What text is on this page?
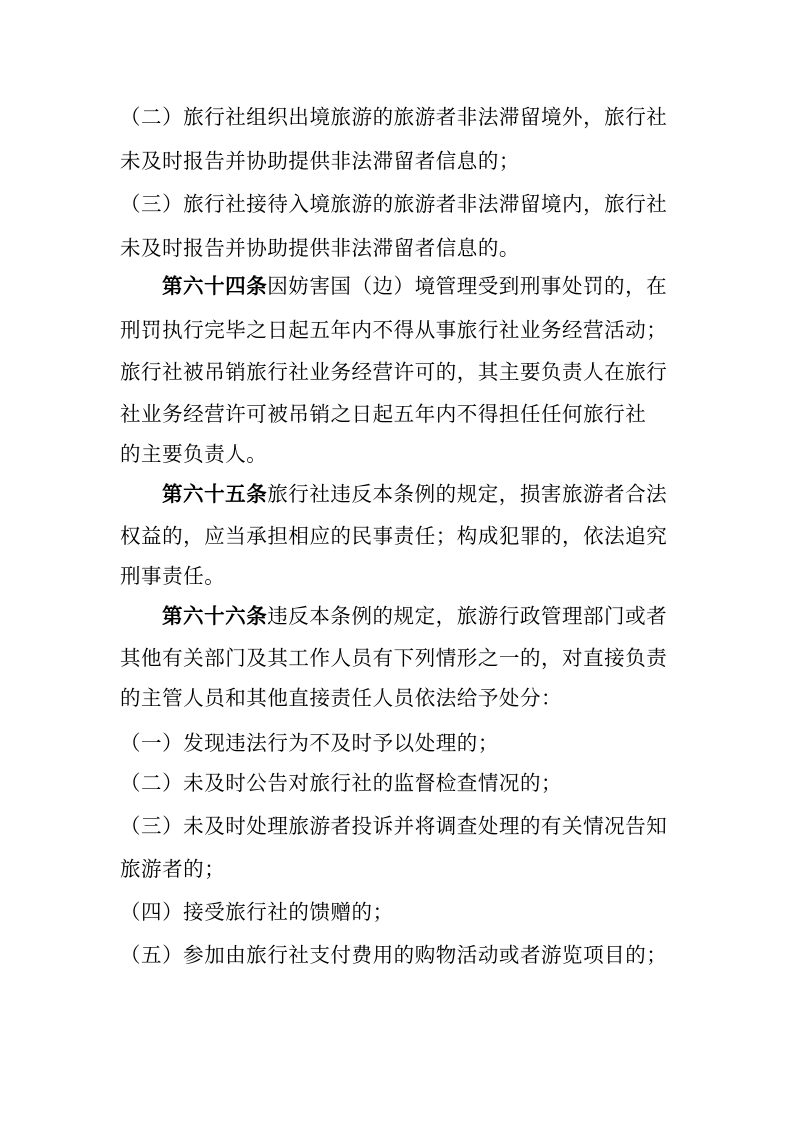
（二）旅行社组织出境旅游的旅游者非法滞留境外，旅行社
未及时报告并协助提供非法滞留者信息的；
（三）旅行社接待入境旅游的旅游者非法滞留境内，旅行社
未及时报告并协助提供非法滞留者信息的。
第六十四条因妨害国（边）境管理受到刑事处罚的，在
刑罚执行完毕之日起五年内不得从事旅行社业务经营活动；
旅行社被吊销旅行社业务经营许可的，其主要负责人在旅行
社业务经营许可被吊销之日起五年内不得担任任何旅行社
的主要负责人。
第六十五条旅行社违反本条例的规定，损害旅游者合法
权益的，应当承担相应的民事责任；构成犯罪的，依法追究
刑事责任。
第六十六条违反本条例的规定，旅游行政管理部门或者
其他有关部门及其工作人员有下列情形之一的，对直接负责
的主管人员和其他直接责任人员依法给予处分：
（一）发现违法行为不及时予以处理的；
（二）未及时公告对旅行社的监督检查情况的；
（三）未及时处理旅游者投诉并将调查处理的有关情况告知
旅游者的；
（四）接受旅行社的馈赠的；
（五）参加由旅行社支付费用的购物活动或者游览项目的；
